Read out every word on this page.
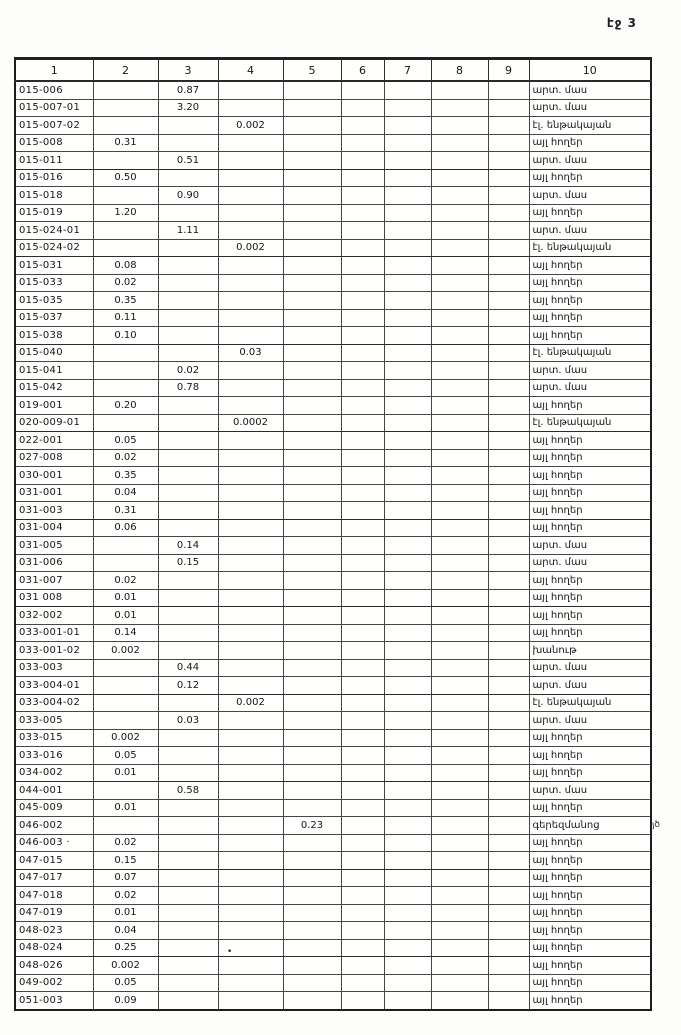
էջ 3
1	2	3	4	5	6	7	8	9	10
015-006		0.87							արտ. մաս
015-007-01		3.20							արտ. մաս
015-007-02			0.002						էլ. ենթակայան
015-008	0.31								այլ հողեր
015-011		0.51							արտ. մաս
015-016	0.50								այլ հողեր
015-018		0.90							արտ. մաս
015-019	1.20								այլ հողեր
015-024-01		1.11							արտ. մաս
015-024-02			0.002						էլ. ենթակայան
015-031	0.08								այլ հողեր
015-033	0.02								այլ հողեր
015-035	0.35								այլ հողեր
015-037	0.11								այլ հողեր
015-038	0.10								այլ հողեր
015-040			0.03						էլ. ենթակայան
015-041		0.02							արտ. մաս
015-042		0.78							արտ. մաս
019-001	0.20								այլ հողեր
020-009-01			0.0002						էլ. ենթակայան
022-001	0.05								այլ հողեր
027-008	0.02								այլ հողեր
030-001	0.35								այլ հողեր
031-001	0.04								այլ հողեր
031-003	0.31								այլ հողեր
031-004	0.06								այլ հողեր
031-005		0.14							արտ. մաս
031-006		0.15							արտ. մաս
031-007	0.02								այլ հողեր
031 008	0.01								այլ հողեր
032-002	0.01								այլ հողեր
033-001-01	0.14								այլ հողեր
033-001-02	0.002								խանութ
033-003		0.44							արտ. մաս
033-004-01		0.12							արտ. մաս
033-004-02			0.002						էլ. ենթակայան
033-005		0.03							արտ. մաս
033-015	0.002								այլ հողեր
033-016	0.05								այլ հողեր
034-002	0.01								այլ հողեր
044-001		0.58							արտ. մաս
045-009	0.01								այլ հողեր
046-002				0.23					գերեզմանոց
046-003 ·	0.02								այլ հողեր
047-015	0.15								այլ հողեր
047-017	0.07								այլ հողեր
047-018	0.02								այլ հողեր
047-019	0.01								այլ հողեր
048-023	0.04								այլ հողեր
048-024	0.25								այլ հողեր
048-026	0.002								այլ հողեր
049-002	0.05								այլ հողեր
051-003	0.09								այլ հողեր
յծ
•
